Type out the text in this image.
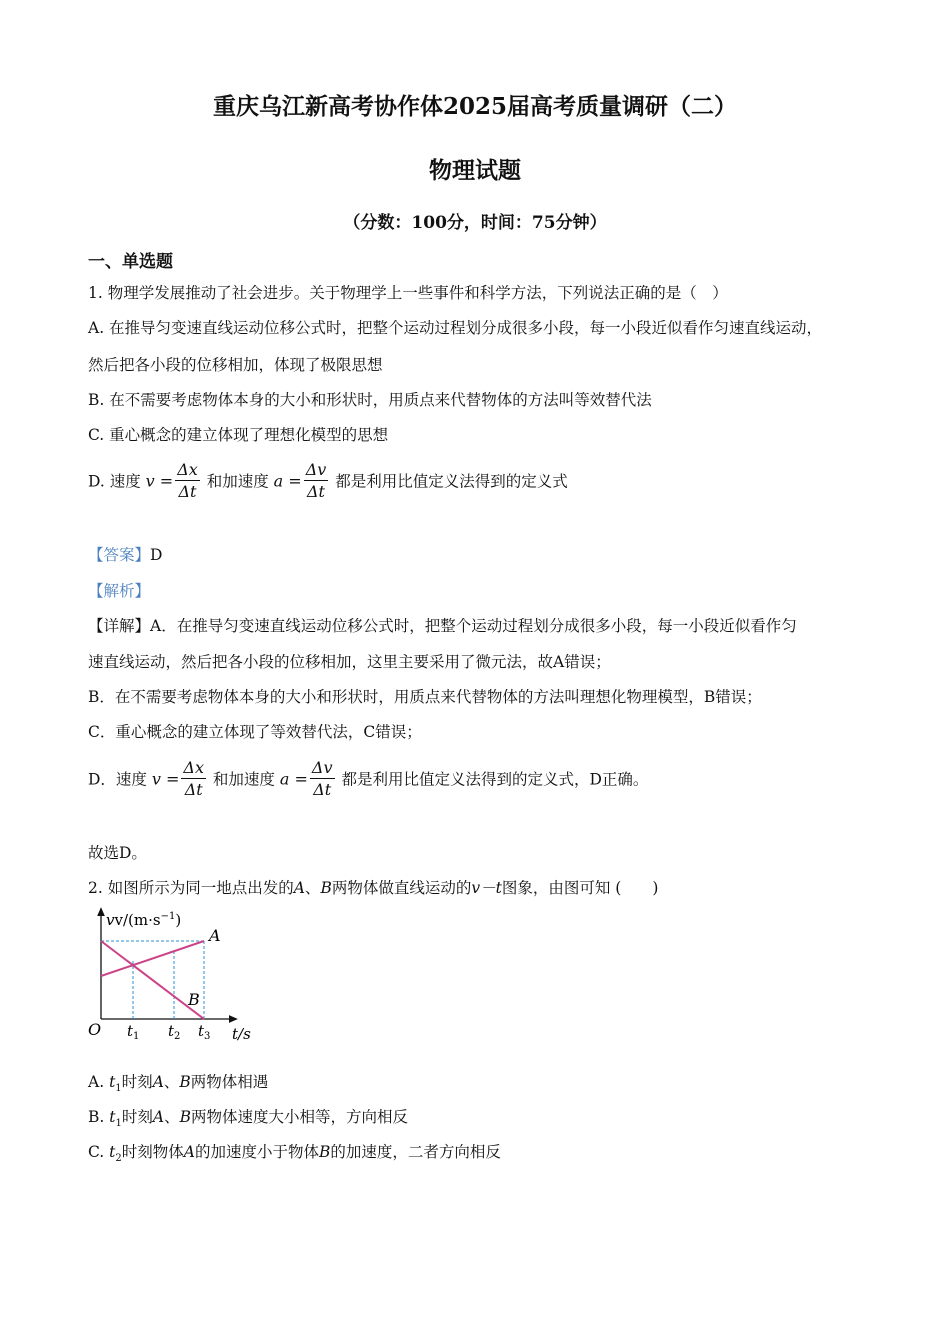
重庆乌江新高考协作体2025届高考质量调研（二）
物理试题
（分数：100分，时间：75分钟）
一、单选题
1. 物理学发展推动了社会进步。关于物理学上一些事件和科学方法，下列说法正确的是（　）
A. 在推导匀变速直线运动位移公式时，把整个运动过程划分成很多小段，每一小段近似看作匀速直线运动，
然后把各小段的位移相加，体现了极限思想
B. 在不需要考虑物体本身的大小和形状时，用质点来代替物体的方法叫等效替代法
C. 重心概念的建立体现了理想化模型的思想
D. 速度 $v = \frac{\Delta x}{\Delta t}$ 和加速度 $a = \frac{\Delta v}{\Delta t}$ 都是利用比值定义法得到的定义式
【答案】D
【解析】
【详解】A．在推导匀变速直线运动位移公式时，把整个运动过程划分成很多小段，每一小段近似看作匀
速直线运动，然后把各小段的位移相加，这里主要采用了微元法，故A错误；
B．在不需要考虑物体本身的大小和形状时，用质点来代替物体的方法叫理想化物理模型，B错误；
C．重心概念的建立体现了等效替代法，C错误；
D．速度 $v = \frac{\Delta x}{\Delta t}$ 和加速度 $a = \frac{\Delta v}{\Delta t}$ 都是利用比值定义法得到的定义式，D正确。
故选D。
2. 如图所示为同一地点出发的A、B两物体做直线运动的v－t图象，由图可知 (　　)
$vv/(m\cdot s^{-1})$
O	t/s
A
B
$t_1$ $t_2$ $t_3$
A. $t_1$时刻A、B两物体相遇
B. $t_1$时刻A、B两物体速度大小相等，方向相反
C. $t_2$时刻物体A的加速度小于物体B的加速度，二者方向相反
